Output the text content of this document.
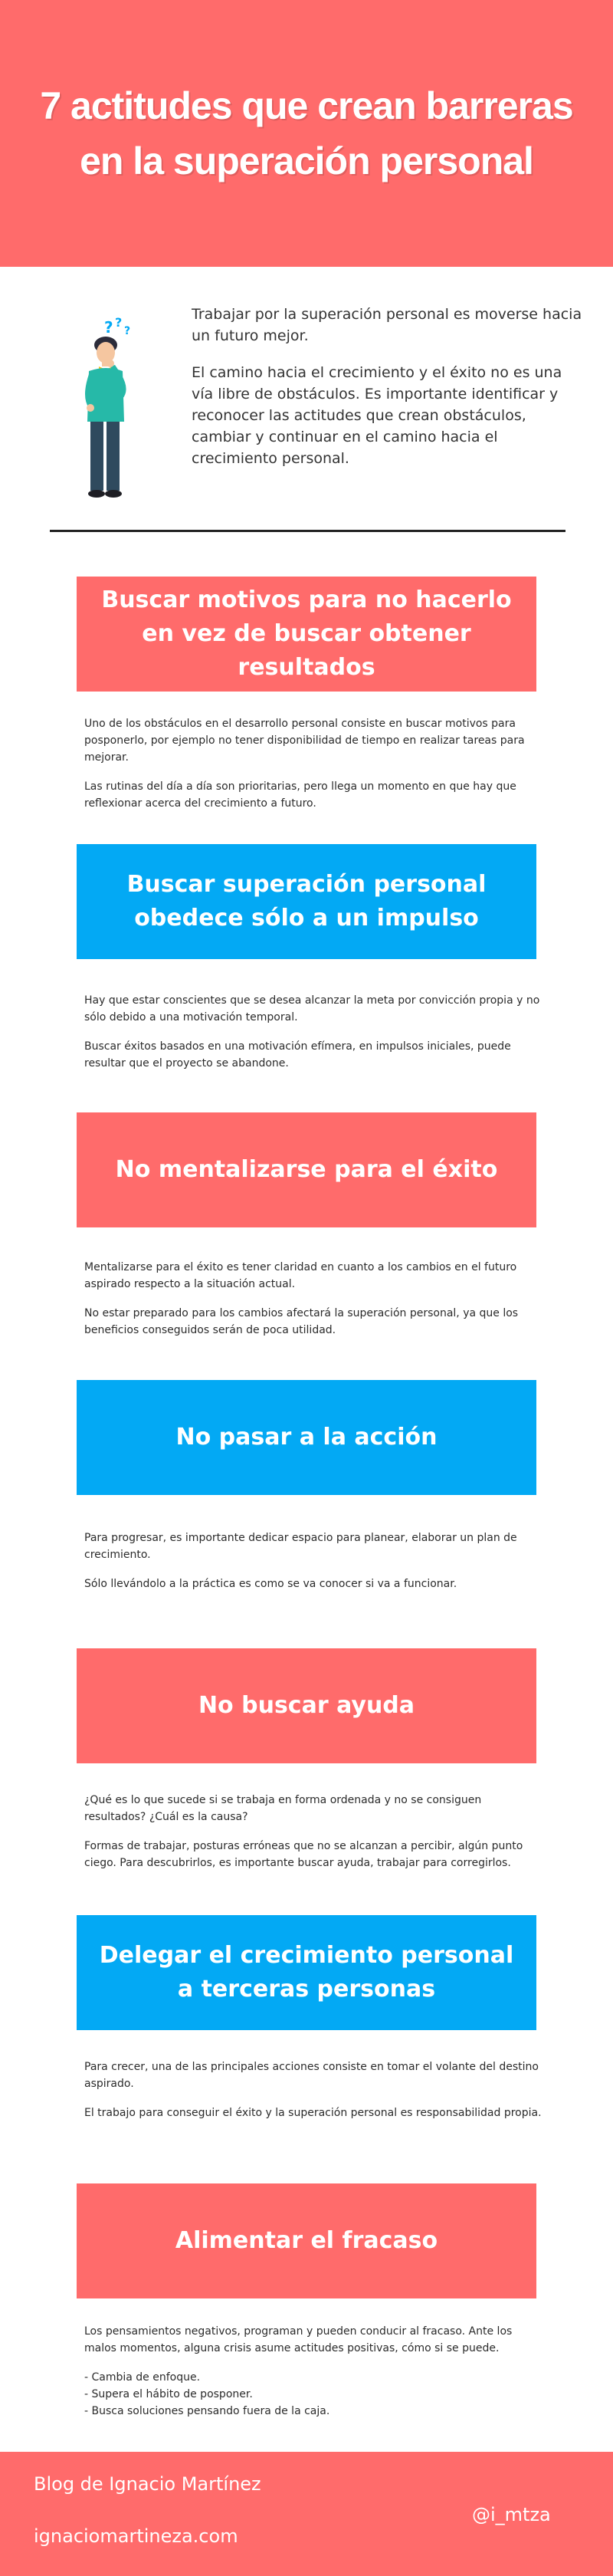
7 actitudes que crean barreras
en la superación personal
? ?
?

Trabajar por la superación personal es moverse hacia un futuro mejor.

El camino hacia el crecimiento y el éxito no es una vía libre de obstáculos. Es importante identificar y reconocer las actitudes que crean obstáculos, cambiar y continuar en el camino hacia el crecimiento personal.

Buscar motivos para no hacerlo en vez de buscar obtener resultados

Uno de los obstáculos en el desarrollo personal consiste en buscar motivos para posponerlo, por ejemplo no tener disponibilidad de tiempo en realizar tareas para mejorar.

Las rutinas del día a día son prioritarias, pero llega un momento en que hay que reflexionar acerca del crecimiento a futuro.

Buscar superación personal obedece sólo a un impulso

Hay que estar conscientes que se desea alcanzar la meta por convicción propia y no sólo debido a una motivación temporal.

Buscar éxitos basados en una motivación efímera, en impulsos iniciales, puede resultar que el proyecto se abandone.

No mentalizarse para el éxito

Mentalizarse para el éxito es tener claridad en cuanto a los cambios en el futuro aspirado respecto a la situación actual.

No estar preparado para los cambios afectará la superación personal, ya que los beneficios conseguidos serán de poca utilidad.

No pasar a la acción

Para progresar, es importante dedicar espacio para planear, elaborar un plan de crecimiento.

Sólo llevándolo a la práctica es como se va conocer si va a funcionar.

No buscar ayuda

¿Qué es lo que sucede si se trabaja en forma ordenada y no se consiguen resultados? ¿Cuál es la causa?

Formas de trabajar, posturas erróneas que no se alcanzan a percibir, algún punto ciego. Para descubrirlos, es importante buscar ayuda, trabajar para corregirlos.

Delegar el crecimiento personal a terceras personas

Para crecer, una de las principales acciones consiste en tomar el volante del destino aspirado.

El trabajo para conseguir el éxito y la superación personal es responsabilidad propia.

Alimentar el fracaso

Los pensamientos negativos, programan y pueden conducir al fracaso. Ante los malos momentos, alguna crisis asume actitudes positivas, cómo si se puede.

- Cambia de enfoque.
- Supera el hábito de posponer.
- Busca soluciones pensando fuera de la caja.

Blog de Ignacio Martínez
ignaciomartineza.com
@i_mtza
